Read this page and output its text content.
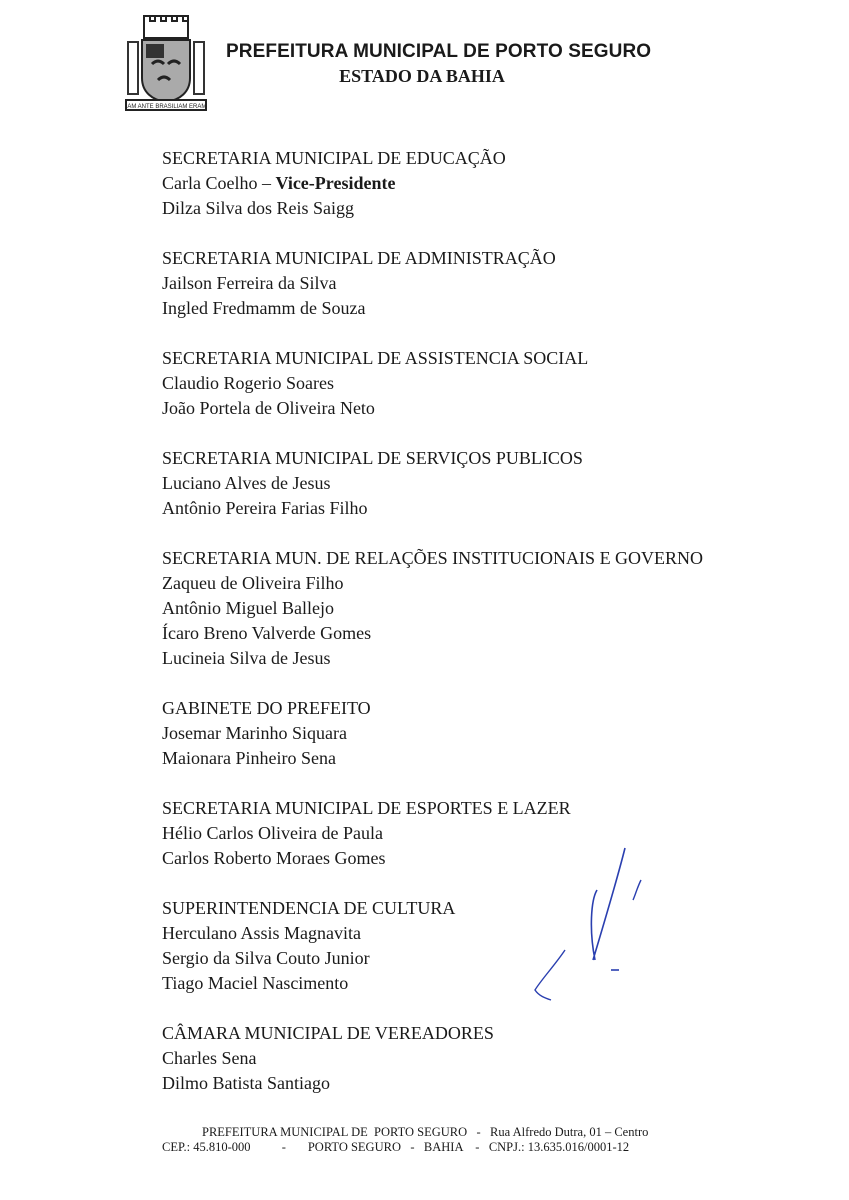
IAM ANTE BRASILIAM ERAM
PREFEITURA MUNICIPAL DE PORTO SEGURO
ESTADO DA BAHIA
SECRETARIA MUNICIPAL DE EDUCAÇÃO
Carla Coelho – Vice-Presidente
Dilza Silva dos Reis Saigg
SECRETARIA MUNICIPAL DE ADMINISTRAÇÃO
Jailson Ferreira da Silva
Ingled Fredmamm de Souza
SECRETARIA MUNICIPAL DE ASSISTENCIA SOCIAL
Claudio Rogerio Soares
João Portela de Oliveira Neto
SECRETARIA MUNICIPAL DE SERVIÇOS PUBLICOS
Luciano Alves de Jesus
Antônio Pereira Farias Filho
SECRETARIA MUN. DE RELAÇÕES INSTITUCIONAIS E GOVERNO
Zaqueu de Oliveira Filho
Antônio Miguel Ballejo
Ícaro Breno Valverde Gomes
Lucineia Silva de Jesus
GABINETE DO PREFEITO
Josemar Marinho Siquara
Maionara Pinheiro Sena
SECRETARIA MUNICIPAL DE ESPORTES E LAZER
Hélio Carlos Oliveira de Paula
Carlos Roberto Moraes Gomes
SUPERINTENDENCIA DE CULTURA
Herculano Assis Magnavita
Sergio da Silva Couto Junior
Tiago Maciel Nascimento
CÂMARA MUNICIPAL DE VEREADORES
Charles Sena
Dilmo Batista Santiago
PREFEITURA MUNICIPAL DE  PORTO SEGURO   -   Rua Alfredo Dutra, 01 – Centro
CEP.: 45.810-000          -       PORTO SEGURO   -   BAHIA    -   CNPJ.: 13.635.016/0001-12
